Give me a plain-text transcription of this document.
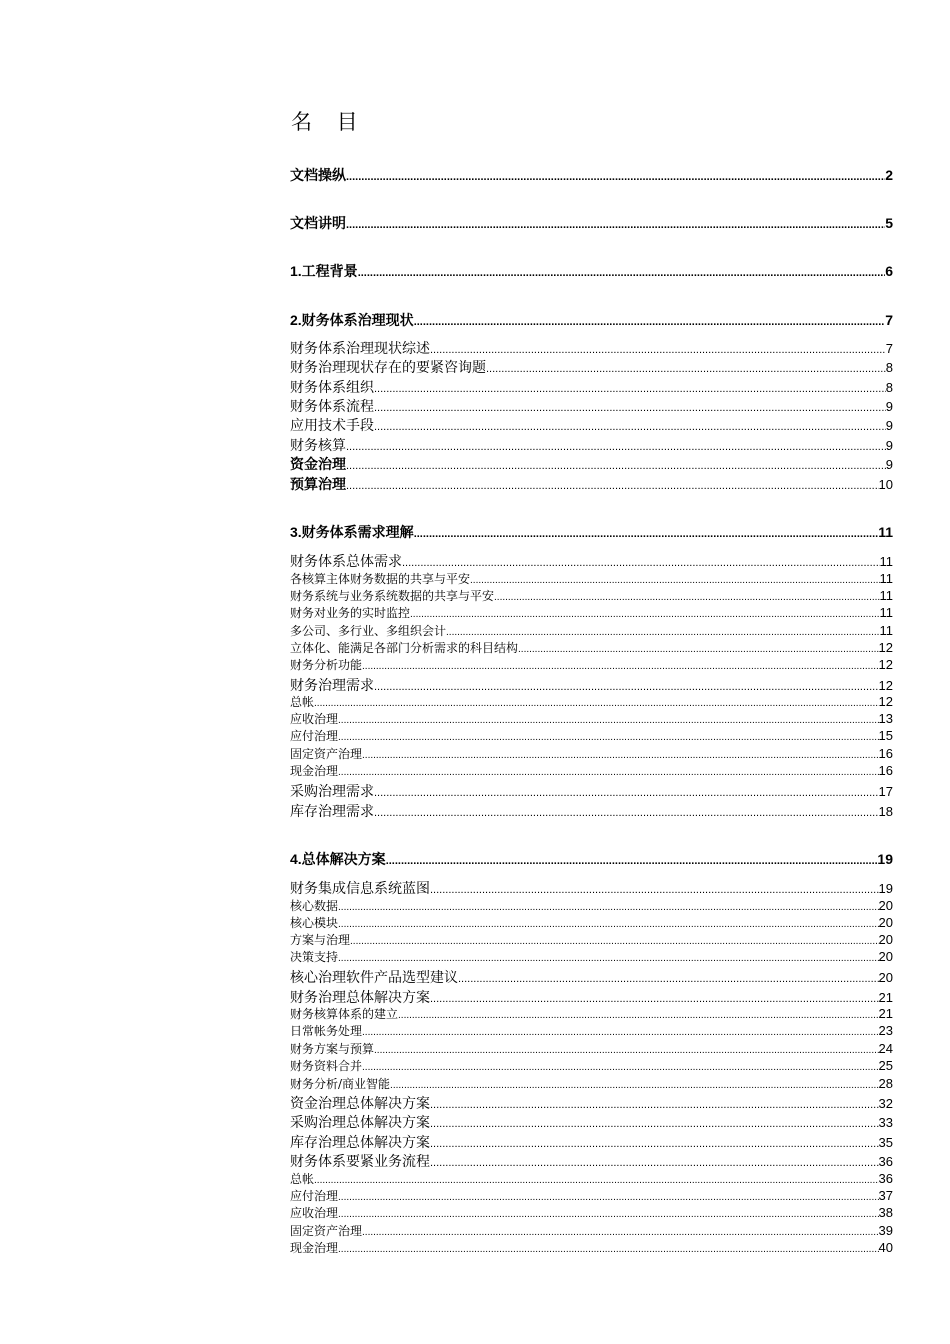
名 目
文档操纵 .....	2
文档讲明 .....	5
1.工程背景 .....	6
2.财务体系治理现状 .....	7
财务体系治理现状综述 .....	7
财务治理现状存在的要紧咨询题 .....	8
财务体系组织 .....	8
财务体系流程 .....	9
应用技术手段 .....	9
财务核算 .....	9
资金治理 .....	9
预算治理 .....	10
3.财务体系需求理解 .....	11
财务体系总体需求 .....	11
各核算主体财务数据的共享与平安 .....	11
财务系统与业务系统数据的共享与平安 .....	11
财务对业务的实时监控 .....	11
多公司、多行业、多组织会计 .....	11
立体化、能满足各部门分析需求的科目结构 .....	12
财务分析功能 .....	12
财务治理需求 .....	12
总帐 .....	12
应收治理 .....	13
应付治理 .....	15
固定资产治理 .....	16
现金治理 .....	16
采购治理需求 .....	17
库存治理需求 .....	18
4.总体解决方案 .....	19
财务集成信息系统蓝图 .....	19
核心数据 .....	20
核心模块 .....	20
方案与治理 .....	20
决策支持 .....	20
核心治理软件产品选型建议 .....	20
财务治理总体解决方案 .....	21
财务核算体系的建立 .....	21
日常帐务处理 .....	23
财务方案与预算 .....	24
财务资料合并 .....	25
财务分析/商业智能 .....	28
资金治理总体解决方案 .....	32
采购治理总体解决方案 .....	33
库存治理总体解决方案 .....	35
财务体系要紧业务流程 .....	36
总帐 .....	36
应付治理 .....	37
应收治理 .....	38
固定资产治理 .....	39
现金治理 .....	40
